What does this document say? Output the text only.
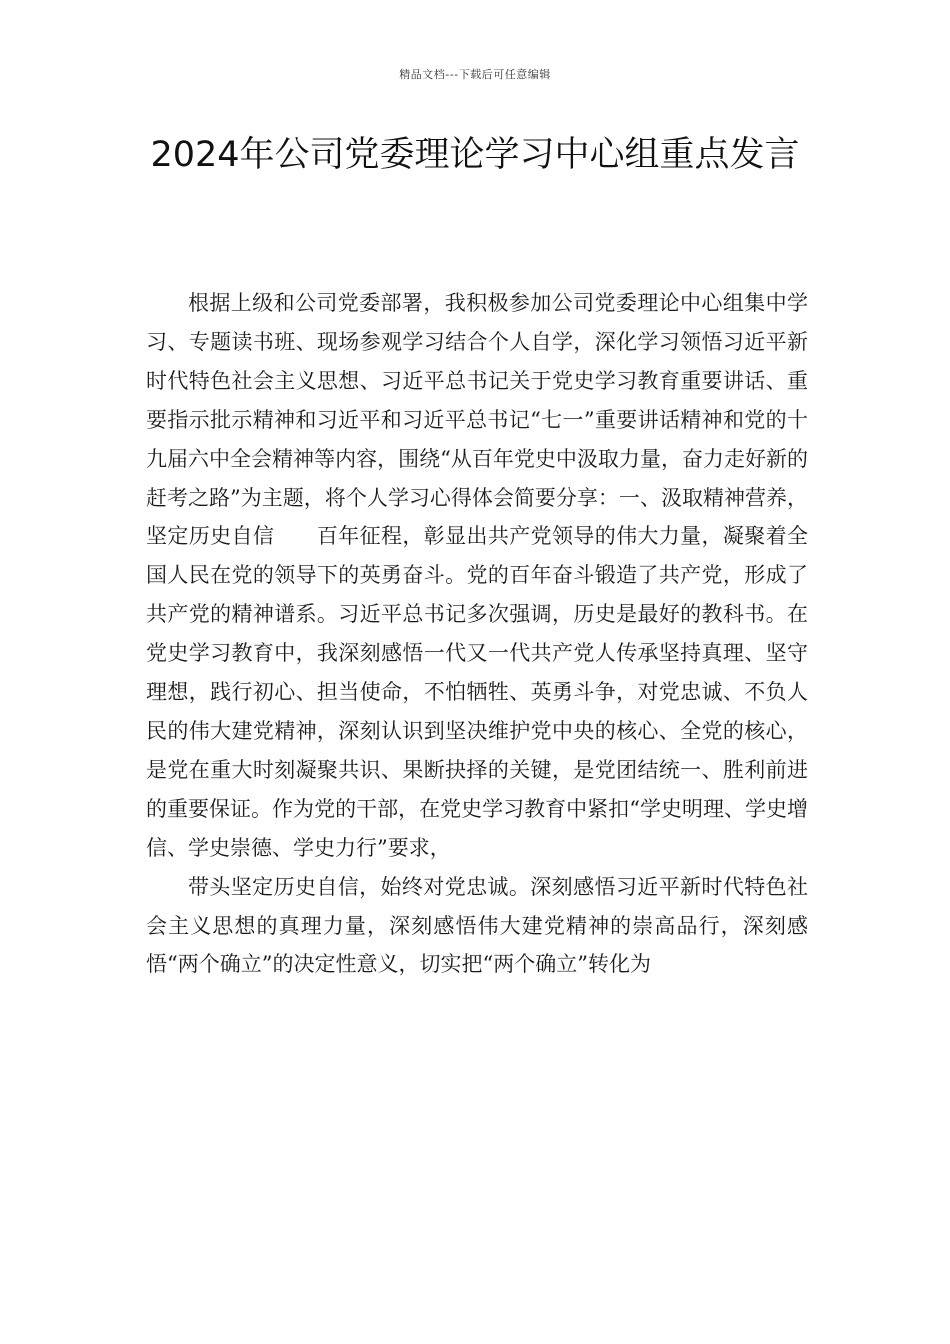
精品文档---下载后可任意编辑
2024年公司党委理论学习中心组重点发言

根据上级和公司党委部署，我积极参加公司党委理论中心组集中学习、专题读书班、现场参观学习结合个人自学，深化学习领悟习近平新时代特色社会主义思想、习近平总书记关于党史学习教育重要讲话、重要指示批示精神和习近平和习近平总书记“七一”重要讲话精神和党的十九届六中全会精神等内容，围绕“从百年党史中汲取力量，奋力走好新的赶考之路”为主题，将个人学习心得体会简要分享：一、汲取精神营养，坚定历史自信　　百年征程，彰显出共产党领导的伟大力量，凝聚着全国人民在党的领导下的英勇奋斗。党的百年奋斗锻造了共产党，形成了共产党的精神谱系。习近平总书记多次强调，历史是最好的教科书。在党史学习教育中，我深刻感悟一代又一代共产党人传承坚持真理、坚守理想，践行初心、担当使命，不怕牺牲、英勇斗争，对党忠诚、不负人民的伟大建党精神，深刻认识到坚决维护党中央的核心、全党的核心，是党在重大时刻凝聚共识、果断抉择的关键，是党团结统一、胜利前进的重要保证。作为党的干部，在党史学习教育中紧扣“学史明理、学史增信、学史崇德、学史力行”要求，

带头坚定历史自信，始终对党忠诚。深刻感悟习近平新时代特色社会主义思想的真理力量，深刻感悟伟大建党精神的崇高品行，深刻感悟“两个确立”的决定性意义，切实把“两个确立”转化为
